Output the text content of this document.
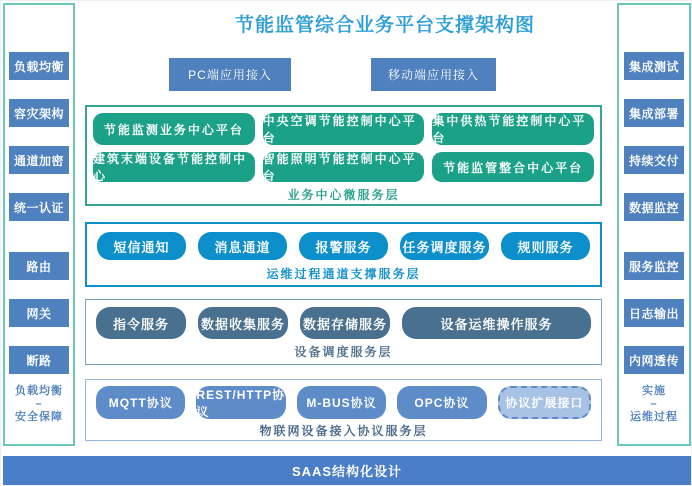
节能监管综合业务平台支撑架构图
负载均衡
容灾架构
通道加密
统一认证
路由
网关
断路
负载均衡
–
安全保障
集成测试
集成部署
持续交付
数据监控
服务监控
日志输出
内网透传
实施
–
运维过程
PC端应用接入	移动端应用接入
节能监测业务中心平台
中央空调节能控制中心平台
集中供热节能控制中心平台
建筑末端设备节能控制中心
智能照明节能控制中心平台
节能监管整合中心平台
业务中心微服务层
短信通知	消息通道	报警服务	任务调度服务	规则服务
运维过程通道支撑服务层
指令服务	数据收集服务 数据存储服务	设备运维操作服务
设备调度服务层
MQTT协议
REST/HTTP协议
M-BUS协议	OPC协议	协议扩展接口
物联网设备接入协议服务层
SAAS结构化设计
